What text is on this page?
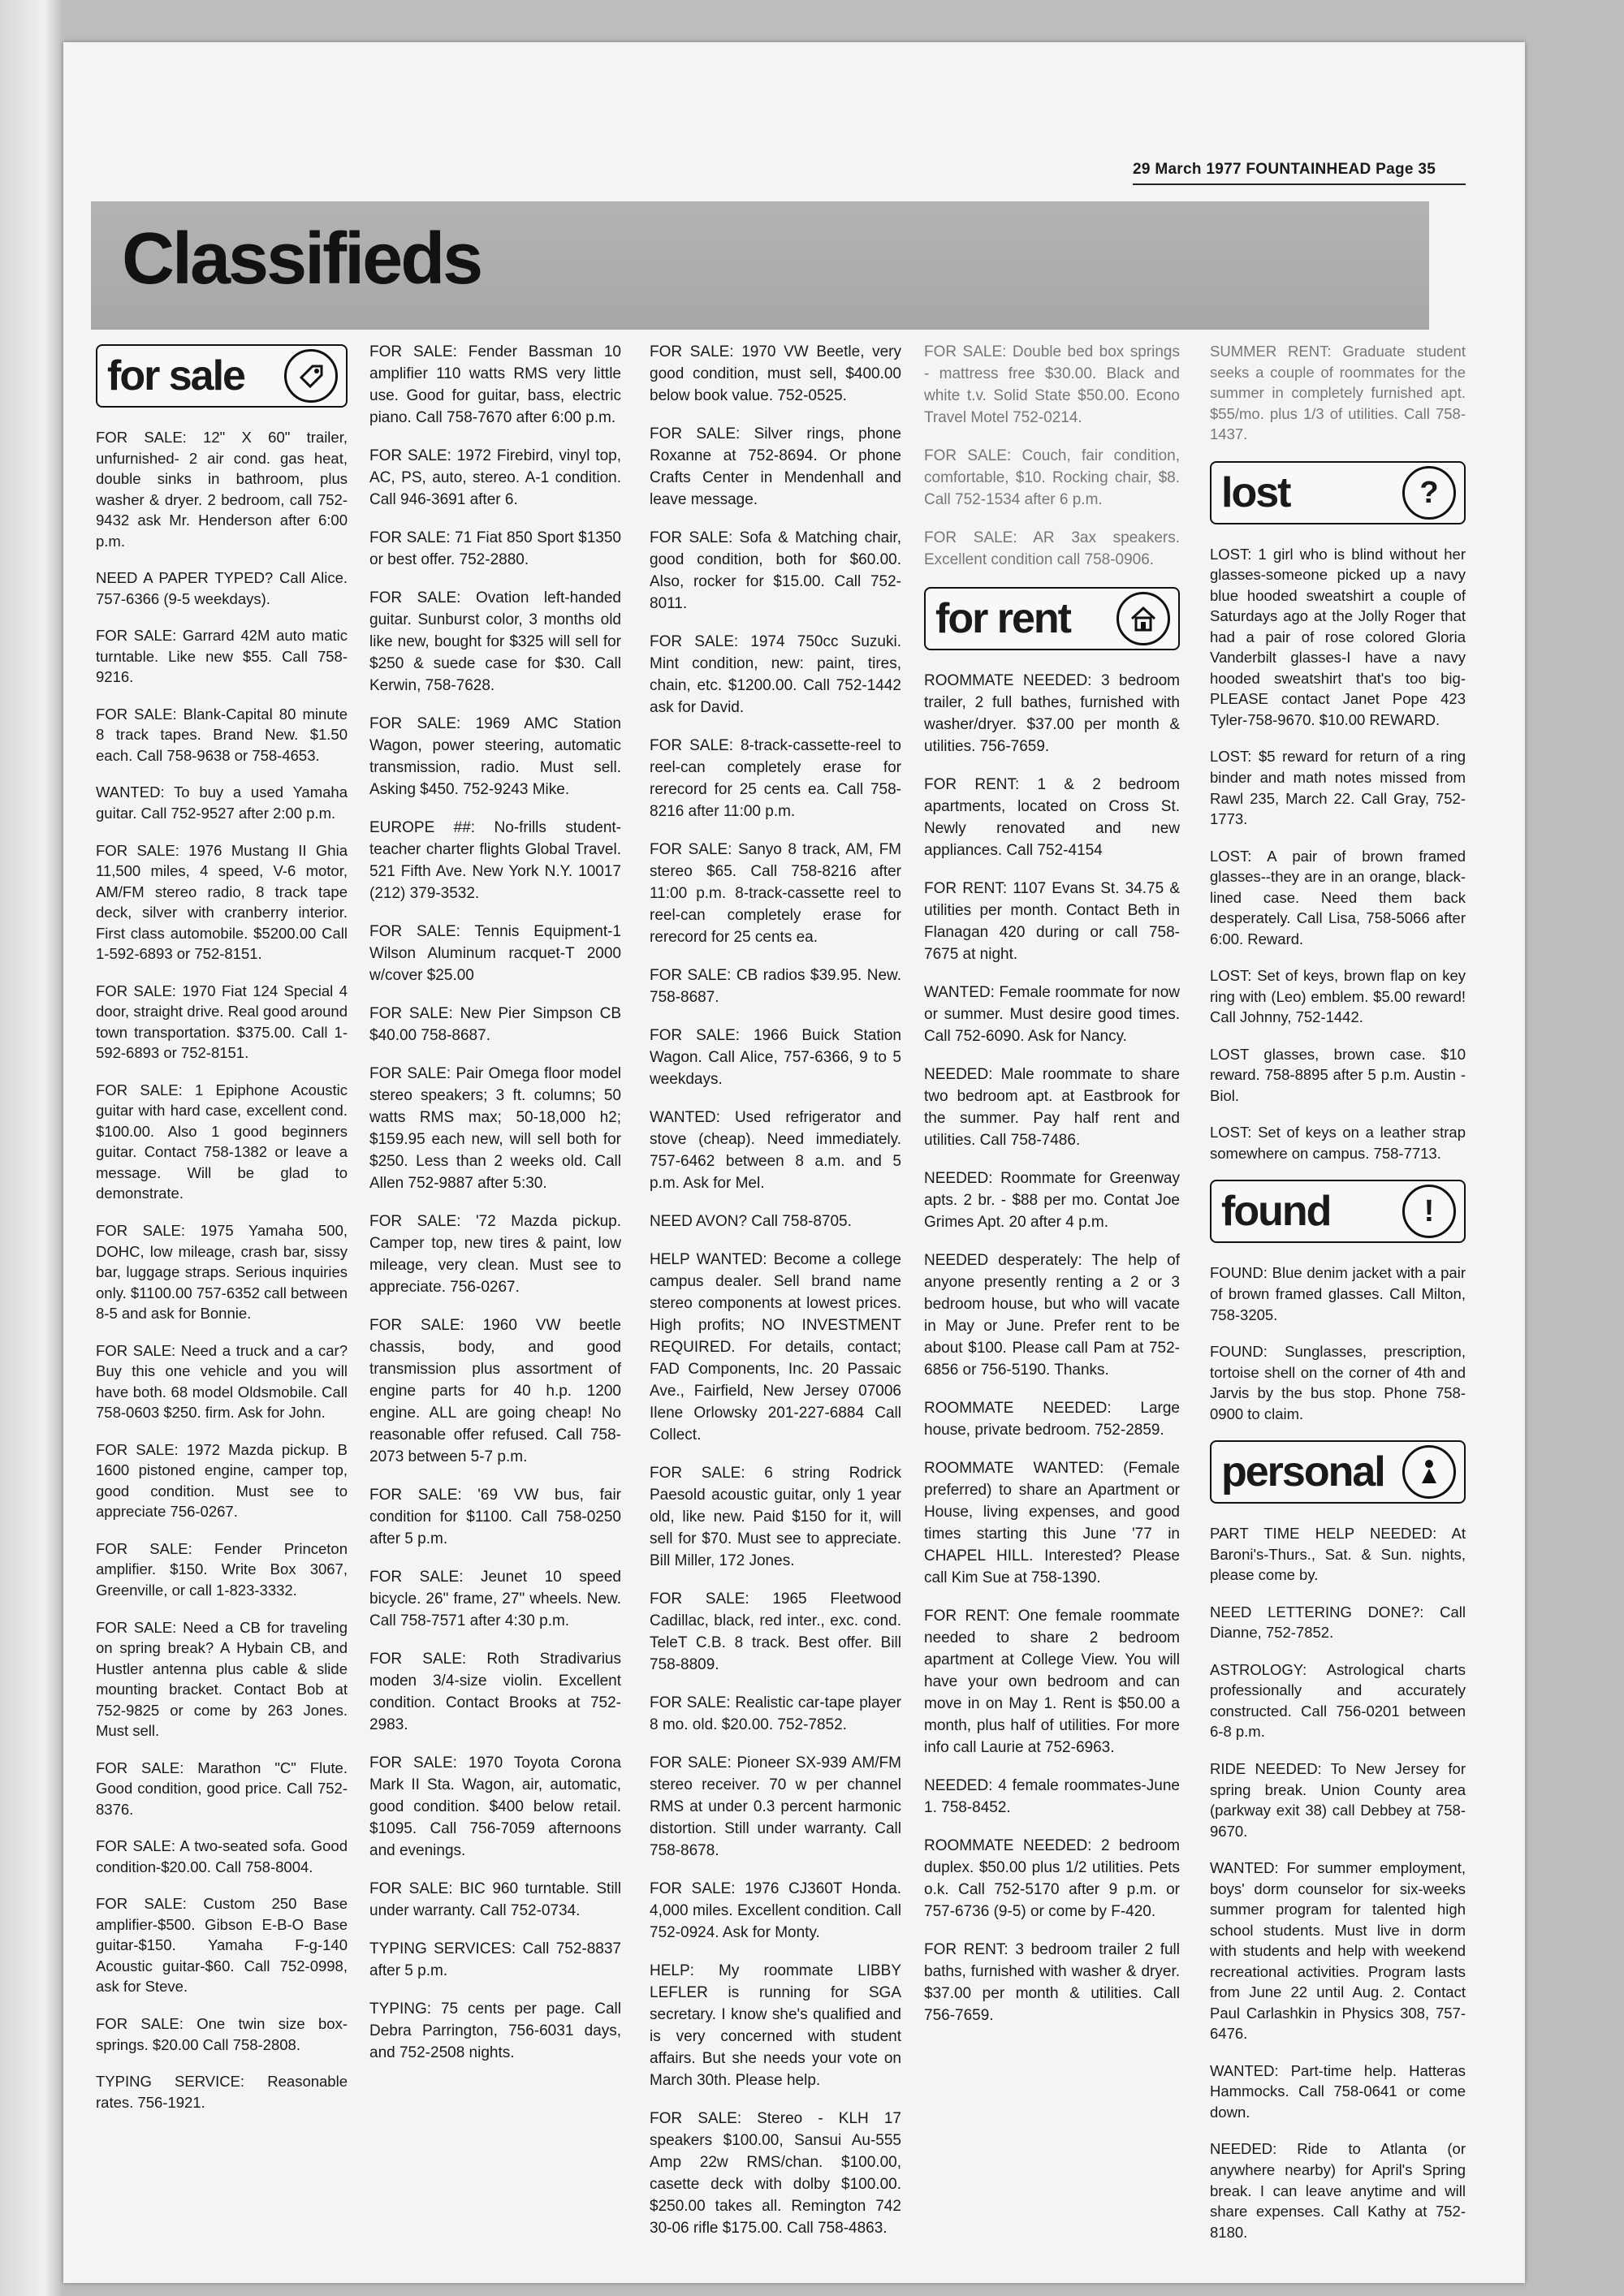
29 March 1977 FOUNTAINHEAD Page 35
Classifieds
for sale
FOR SALE: 12" X 60" trailer, unfurnished- 2 air cond. gas heat, double sinks in bathroom, plus washer & dryer. 2 bedroom, call 752-9432 ask Mr. Henderson after 6:00 p.m.
NEED A PAPER TYPED? Call Alice. 757-6366 (9-5 weekdays).
FOR SALE: Garrard 42M auto matic turntable. Like new $55. Call 758-9216.
FOR SALE: Blank-Capital 80 minute 8 track tapes. Brand New. $1.50 each. Call 758-9638 or 758-4653.
WANTED: To buy a used Yamaha guitar. Call 752-9527 after 2:00 p.m.
FOR SALE: 1976 Mustang II Ghia 11,500 miles, 4 speed, V-6 motor, AM/FM stereo radio, 8 track tape deck, silver with cranberry interior. First class automobile. $5200.00 Call 1-592-6893 or 752-8151.
FOR SALE: 1970 Fiat 124 Special 4 door, straight drive. Real good around town transportation. $375.00. Call 1-592-6893 or 752-8151.
FOR SALE: 1 Epiphone Acoustic guitar with hard case, excellent cond. $100.00. Also 1 good beginners guitar. Contact 758-1382 or leave a message. Will be glad to demonstrate.
FOR SALE: 1975 Yamaha 500, DOHC, low mileage, crash bar, sissy bar, luggage straps. Serious inquiries only. $1100.00 757-6352 call between 8-5 and ask for Bonnie.
FOR SALE: Need a truck and a car? Buy this one vehicle and you will have both. 68 model Oldsmobile. Call 758-0603 $250. firm. Ask for John.
FOR SALE: 1972 Mazda pickup. B 1600 pistoned engine, camper top, good condition. Must see to appreciate 756-0267.
FOR SALE: Fender Princeton amplifier. $150. Write Box 3067, Greenville, or call 1-823-3332.
FOR SALE: Need a CB for traveling on spring break? A Hybain CB, and Hustler antenna plus cable & slide mounting bracket. Contact Bob at 752-9825 or come by 263 Jones. Must sell.
FOR SALE: Marathon "C" Flute. Good condition, good price. Call 752-8376.
FOR SALE: A two-seated sofa. Good condition-$20.00. Call 758-8004.
FOR SALE: Custom 250 Base amplifier-$500. Gibson E-B-O Base guitar-$150. Yamaha F-g-140 Acoustic guitar-$60. Call 752-0998, ask for Steve.
FOR SALE: One twin size box-springs. $20.00 Call 758-2808.
TYPING SERVICE: Reasonable rates. 756-1921.
FOR SALE: Fender Bassman 10 amplifier 110 watts RMS very little use. Good for guitar, bass, electric piano. Call 758-7670 after 6:00 p.m.
FOR SALE: 1972 Firebird, vinyl top, AC, PS, auto, stereo. A-1 condition. Call 946-3691 after 6.
FOR SALE: 71 Fiat 850 Sport $1350 or best offer. 752-2880.
FOR SALE: Ovation left-handed guitar. Sunburst color, 3 months old like new, bought for $325 will sell for $250 & suede case for $30. Call Kerwin, 758-7628.
FOR SALE: 1969 AMC Station Wagon, power steering, automatic transmission, radio. Must sell. Asking $450. 752-9243 Mike.
EUROPE ##: No-frills student-teacher charter flights Global Travel. 521 Fifth Ave. New York N.Y. 10017 (212) 379-3532.
FOR SALE: Tennis Equipment-1 Wilson Aluminum racquet-T 2000 w/cover $25.00
FOR SALE: New Pier Simpson CB $40.00 758-8687.
FOR SALE: Pair Omega floor model stereo speakers; 3 ft. columns; 50 watts RMS max; 50-18,000 h2; $159.95 each new, will sell both for $250. Less than 2 weeks old. Call Allen 752-9887 after 5:30.
FOR SALE: '72 Mazda pickup. Camper top, new tires & paint, low mileage, very clean. Must see to appreciate. 756-0267.
FOR SALE: 1960 VW beetle chassis, body, and good transmission plus assortment of engine parts for 40 h.p. 1200 engine. ALL are going cheap! No reasonable offer refused. Call 758-2073 between 5-7 p.m.
FOR SALE: '69 VW bus, fair condition for $1100. Call 758-0250 after 5 p.m.
FOR SALE: Jeunet 10 speed bicycle. 26" frame, 27" wheels. New. Call 758-7571 after 4:30 p.m.
FOR SALE: Roth Stradivarius moden 3/4-size violin. Excellent condition. Contact Brooks at 752-2983.
FOR SALE: 1970 Toyota Corona Mark II Sta. Wagon, air, automatic, good condition. $400 below retail. $1095. Call 756-7059 afternoons and evenings.
FOR SALE: BIC 960 turntable. Still under warranty. Call 752-0734.
TYPING SERVICES: Call 752-8837 after 5 p.m.
TYPING: 75 cents per page. Call Debra Parrington, 756-6031 days, and 752-2508 nights.
FOR SALE: 1970 VW Beetle, very good condition, must sell, $400.00 below book value. 752-0525.
FOR SALE: Silver rings, phone Roxanne at 752-8694. Or phone Crafts Center in Mendenhall and leave message.
FOR SALE: Sofa & Matching chair, good condition, both for $60.00. Also, rocker for $15.00. Call 752-8011.
FOR SALE: 1974 750cc Suzuki. Mint condition, new: paint, tires, chain, etc. $1200.00. Call 752-1442 ask for David.
FOR SALE: 8-track-cassette-reel to reel-can completely erase for rerecord for 25 cents ea. Call 758-8216 after 11:00 p.m.
FOR SALE: Sanyo 8 track, AM, FM stereo $65. Call 758-8216 after 11:00 p.m. 8-track-cassette reel to reel-can completely erase for rerecord for 25 cents ea.
FOR SALE: CB radios $39.95. New. 758-8687.
FOR SALE: 1966 Buick Station Wagon. Call Alice, 757-6366, 9 to 5 weekdays.
WANTED: Used refrigerator and stove (cheap). Need immediately. 757-6462 between 8 a.m. and 5 p.m. Ask for Mel.
NEED AVON? Call 758-8705.
HELP WANTED: Become a college campus dealer. Sell brand name stereo components at lowest prices. High profits; NO INVESTMENT REQUIRED. For details, contact; FAD Components, Inc. 20 Passaic Ave., Fairfield, New Jersey 07006 Ilene Orlowsky 201-227-6884 Call Collect.
FOR SALE: 6 string Rodrick Paesold acoustic guitar, only 1 year old, like new. Paid $150 for it, will sell for $70. Must see to appreciate. Bill Miller, 172 Jones.
FOR SALE: 1965 Fleetwood Cadillac, black, red inter., exc. cond. TeleT C.B. 8 track. Best offer. Bill 758-8809.
FOR SALE: Realistic car-tape player 8 mo. old. $20.00. 752-7852.
FOR SALE: Pioneer SX-939 AM/FM stereo receiver. 70 w per channel RMS at under 0.3 percent harmonic distortion. Still under warranty. Call 758-8678.
FOR SALE: 1976 CJ360T Honda. 4,000 miles. Excellent condition. Call 752-0924. Ask for Monty.
HELP: My roommate LIBBY LEFLER is running for SGA secretary. I know she's qualified and is very concerned with student affairs. But she needs your vote on March 30th. Please help.
FOR SALE: Stereo - KLH 17 speakers $100.00, Sansui Au-555 Amp 22w RMS/chan. $100.00, casette deck with dolby $100.00. $250.00 takes all. Remington 742 30-06 rifle $175.00. Call 758-4863.
FOR SALE: Double bed box springs - mattress free $30.00. Black and white t.v. Solid State $50.00. Econo Travel Motel 752-0214.
FOR SALE: Couch, fair condition, comfortable, $10. Rocking chair, $8. Call 752-1534 after 6 p.m.
FOR SALE: AR 3ax speakers. Excellent condition call 758-0906.
for rent
ROOMMATE NEEDED: 3 bedroom trailer, 2 full bathes, furnished with washer/dryer. $37.00 per month & utilities. 756-7659.
FOR RENT: 1 & 2 bedroom apartments, located on Cross St. Newly renovated and new appliances. Call 752-4154
FOR RENT: 1107 Evans St. 34.75 & utilities per month. Contact Beth in Flanagan 420 during or call 758-7675 at night.
WANTED: Female roommate for now or summer. Must desire good times. Call 752-6090. Ask for Nancy.
NEEDED: Male roommate to share two bedroom apt. at Eastbrook for the summer. Pay half rent and utilities. Call 758-7486.
NEEDED: Roommate for Greenway apts. 2 br. - $88 per mo. Contat Joe Grimes Apt. 20 after 4 p.m.
NEEDED desperately: The help of anyone presently renting a 2 or 3 bedroom house, but who will vacate in May or June. Prefer rent to be about $100. Please call Pam at 752-6856 or 756-5190. Thanks.
ROOMMATE NEEDED: Large house, private bedroom. 752-2859.
ROOMMATE WANTED: (Female preferred) to share an Apartment or House, living expenses, and good times starting this June '77 in CHAPEL HILL. Interested? Please call Kim Sue at 758-1390.
FOR RENT: One female roommate needed to share 2 bedroom apartment at College View. You will have your own bedroom and can move in on May 1. Rent is $50.00 a month, plus half of utilities. For more info call Laurie at 752-6963.
NEEDED: 4 female roommates-June 1. 758-8452.
ROOMMATE NEEDED: 2 bedroom duplex. $50.00 plus 1/2 utilities. Pets o.k. Call 752-5170 after 9 p.m. or 757-6736 (9-5) or come by F-420.
FOR RENT: 3 bedroom trailer 2 full baths, furnished with washer & dryer. $37.00 per month & utilities. Call 756-7659.
SUMMER RENT: Graduate student seeks a couple of roommates for the summer in completely furnished apt. $55/mo. plus 1/3 of utilities. Call 758-1437.
lost	?
LOST: 1 girl who is blind without her glasses-someone picked up a navy blue hooded sweatshirt a couple of Saturdays ago at the Jolly Roger that had a pair of rose colored Gloria Vanderbilt glasses-I have a navy hooded sweatshirt that's too big-PLEASE contact Janet Pope 423 Tyler-758-9670. $10.00 REWARD.
LOST: $5 reward for return of a ring binder and math notes missed from Rawl 235, March 22. Call Gray, 752-1773.
LOST: A pair of brown framed glasses--they are in an orange, black-lined case. Need them back desperately. Call Lisa, 758-5066 after 6:00. Reward.
LOST: Set of keys, brown flap on key ring with (Leo) emblem. $5.00 reward! Call Johnny, 752-1442.
LOST glasses, brown case. $10 reward. 758-8895 after 5 p.m. Austin - Biol.
LOST: Set of keys on a leather strap somewhere on campus. 758-7713.
found	!
FOUND: Blue denim jacket with a pair of brown framed glasses. Call Milton, 758-3205.
FOUND: Sunglasses, prescription, tortoise shell on the corner of 4th and Jarvis by the bus stop. Phone 758-0900 to claim.
personal
PART TIME HELP NEEDED: At Baroni's-Thurs., Sat. & Sun. nights, please come by.
NEED LETTERING DONE?: Call Dianne, 752-7852.
ASTROLOGY: Astrological charts professionally and accurately constructed. Call 756-0201 between 6-8 p.m.
RIDE NEEDED: To New Jersey for spring break. Union County area (parkway exit 38) call Debbey at 758-9670.
WANTED: For summer employment, boys' dorm counselor for six-weeks summer program for talented high school students. Must live in dorm with students and help with weekend recreational activities. Program lasts from June 22 until Aug. 2. Contact Paul Carlashkin in Physics 308, 757-6476.
WANTED: Part-time help. Hatteras Hammocks. Call 758-0641 or come down.
NEEDED: Ride to Atlanta (or anywhere nearby) for April's Spring break. I can leave anytime and will share expenses. Call Kathy at 752-8180.
